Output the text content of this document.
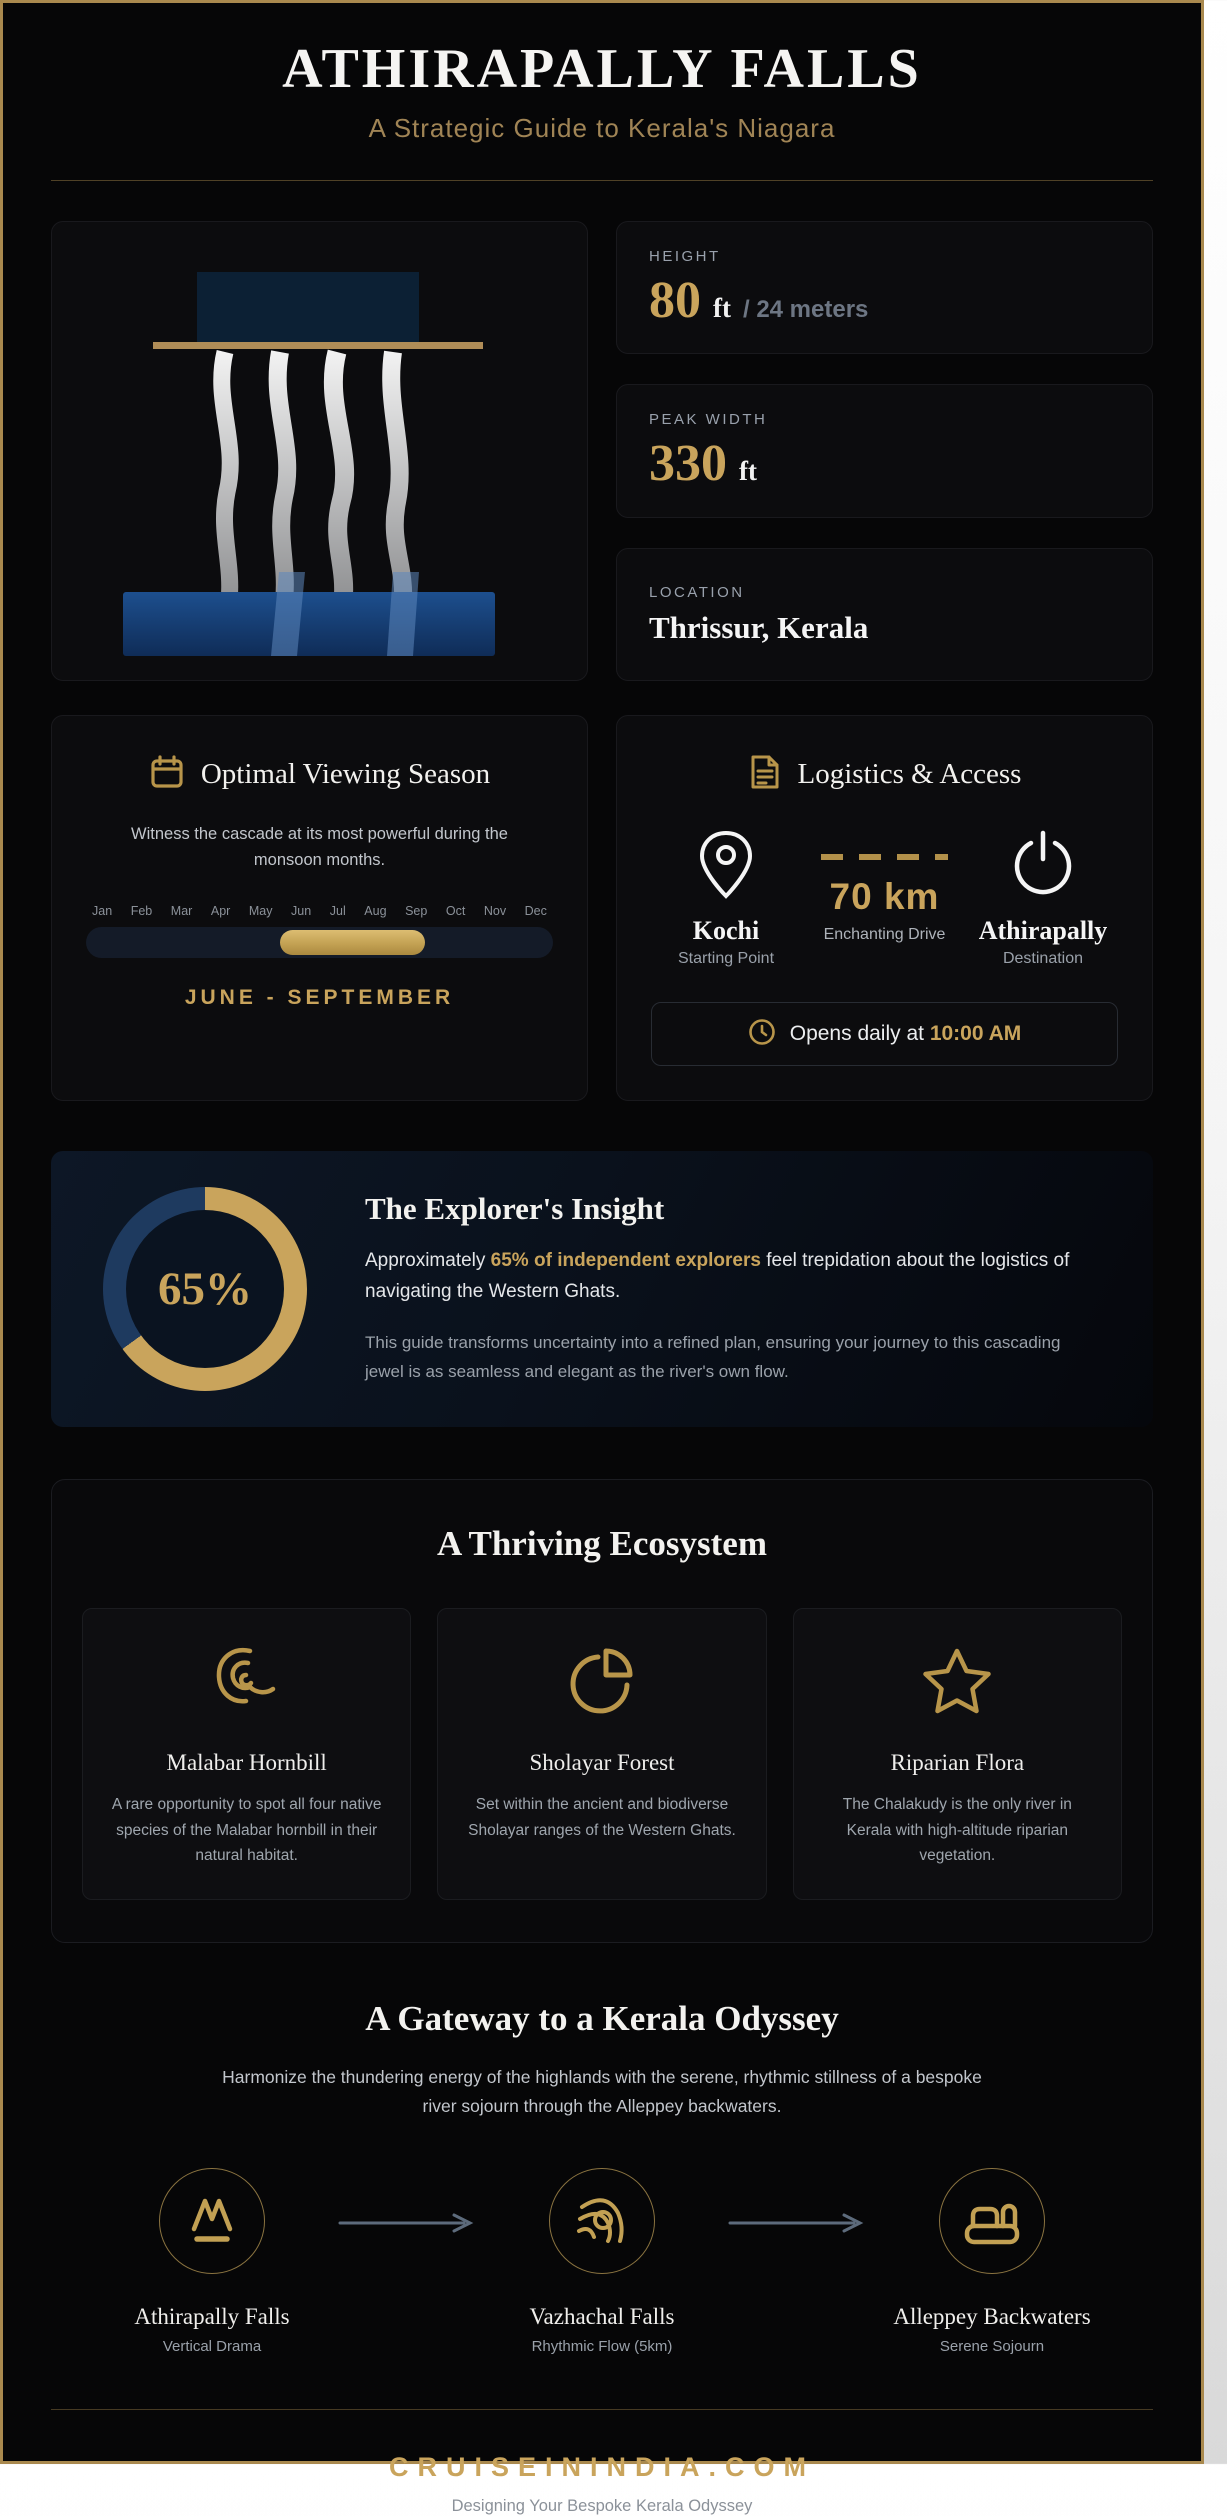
ATHIRAPALLY FALLS
A Strategic Guide to Kerala's Niagara
HEIGHT
80 ft / 24 meters
PEAK WIDTH
330 ft
LOCATION
Thrissur, Kerala
Optimal Viewing Season

Witness the cascade at its most powerful during the monsoon months.

Jan Feb Mar Apr May Jun Jul Aug Sep Oct Nov Dec
JUNE - SEPTEMBER
Logistics & Access
Kochi
Starting Point
70 km
Enchanting Drive	Athirapally
Destination
Opens daily at 10:00 AM
65%
The Explorer's Insight

Approximately 65% of independent explorers feel trepidation about the logistics of navigating the Western Ghats.

This guide transforms uncertainty into a refined plan, ensuring your journey to this cascading jewel is as seamless and elegant as the river's own flow.

A Thriving Ecosystem
Malabar Hornbill
A rare opportunity to spot all four native species of the Malabar hornbill in their natural habitat.
Sholayar Forest
Set within the ancient and biodiverse Sholayar ranges of the Western Ghats.
Riparian Flora
The Chalakudy is the only river in Kerala with high-altitude riparian vegetation.
A Gateway to a Kerala Odyssey

Harmonize the thundering energy of the highlands with the serene, rhythmic stillness of a bespoke river sojourn through the Alleppey backwaters.

Athirapally Falls
Vertical Drama
Vazhachal Falls
Rhythmic Flow (5km)
Alleppey Backwaters
Serene Sojourn
CRUISEININDIA.COM
Designing Your Bespoke Kerala Odyssey
